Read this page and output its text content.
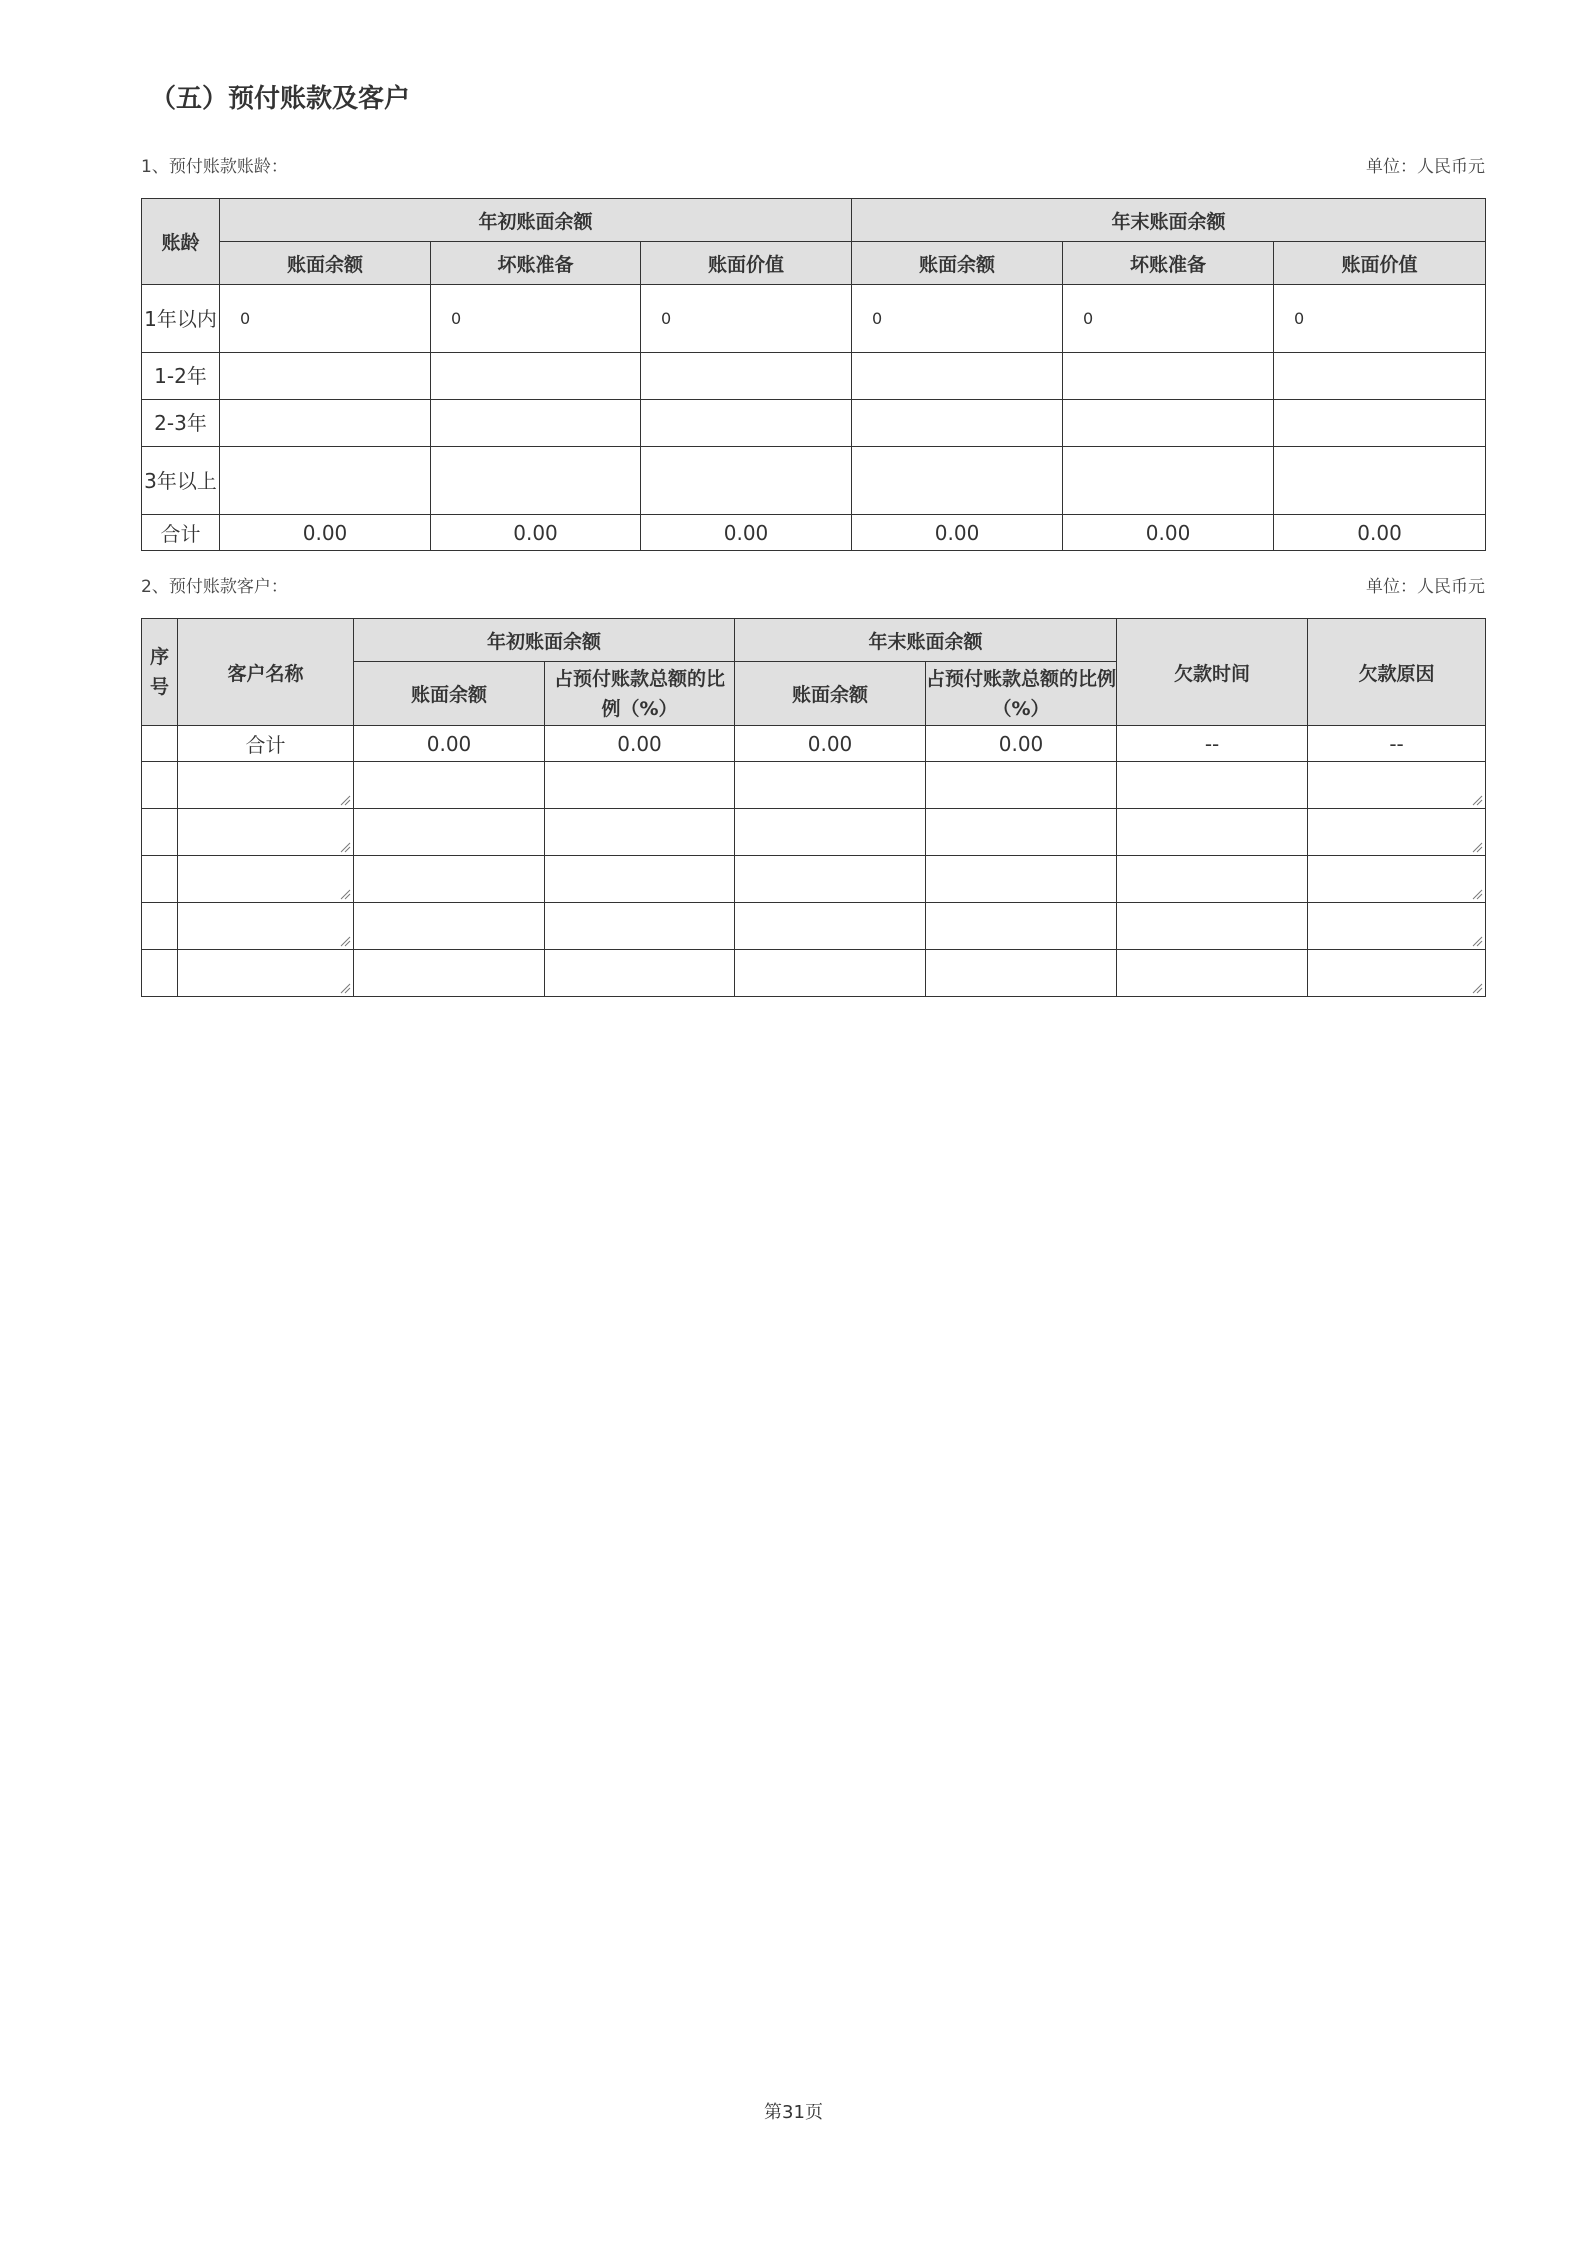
（五）预付账款及客户
1、预付账款账龄：	单位：人民币元
账龄	年初账面余额			年末账面余额		
	账面余额	坏账准备	账面价值	账面余额	坏账准备	账面价值
1年以内	0	0	0	0	0	0
1-2年						
2-3年						
3年以上						
合计	0.00	0.00	0.00	0.00	0.00	0.00
2、预付账款客户：	单位：人民币元
序号	客户名称	年初账面余额		年末账面余额		欠款时间	欠款原因
		账面余额	占预付账款总额的比例（%）	账面余额	占预付账款总额的比例（%）		
	合计	0.00	0.00	0.00	0.00	--	--

第31页
